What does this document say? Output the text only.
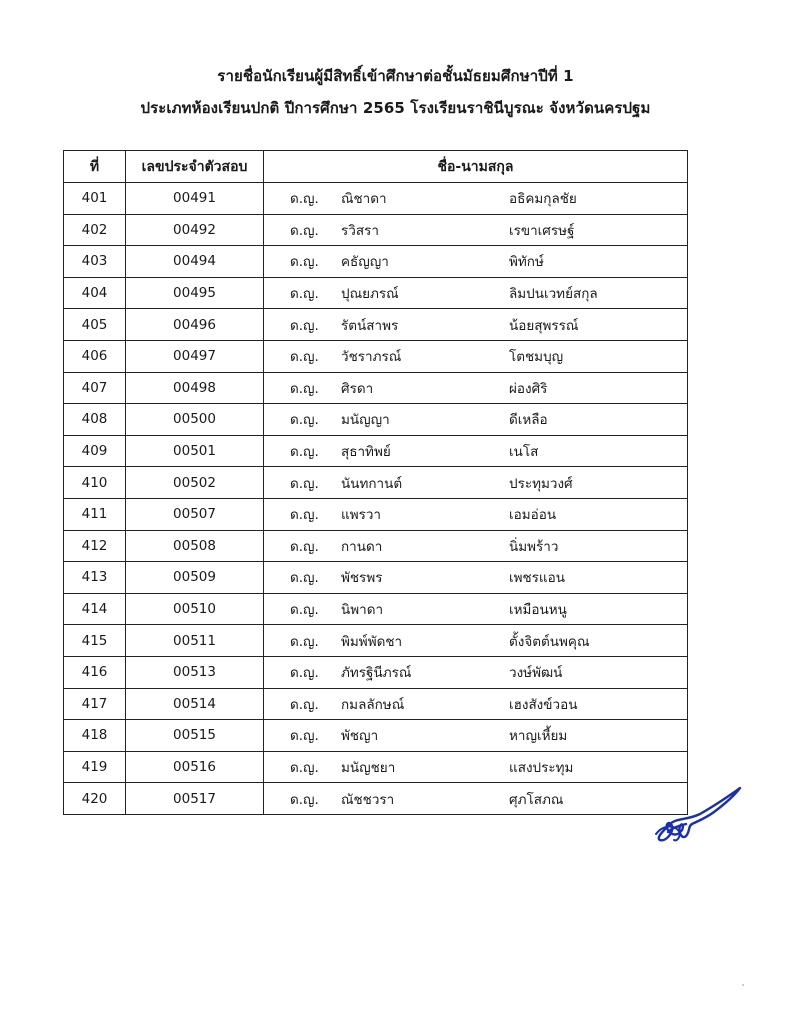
รายชื่อนักเรียนผู้มีสิทธิ์เข้าศึกษาต่อชั้นมัธยมศึกษาปีที่ 1
ประเภทห้องเรียนปกติ ปีการศึกษา 2565 โรงเรียนราชินีบูรณะ จังหวัดนครปฐม
ที่	เลขประจำตัวสอบ	ชื่อ-นามสกุล
401	00491	ด.ญ. ณิชาดา อธิคมกุลชัย

402	00492	ด.ญ. รวิสรา เรขาเศรษฐ์

403	00494	ด.ญ. คธัญญา พิทักษ์

404	00495	ด.ญ. ปุณยภรณ์ ลิมปนเวทย์สกุล

405	00496	ด.ญ. รัตน์สาพร น้อยสุพรรณ์

406	00497	ด.ญ. วัชราภรณ์ โตชมบุญ

407	00498	ด.ญ. ศิรดา ผ่องศิริ

408	00500	ด.ญ. มนัญญา ดีเหลือ

409	00501	ด.ญ. สุธาทิพย์ เนโส

410	00502	ด.ญ. นันทกานต์ ประทุมวงศ์

411	00507	ด.ญ. แพรวา เอมอ่อน

412	00508	ด.ญ. กานดา นิ่มพร้าว

413	00509	ด.ญ. พัชรพร เพชรแอน

414	00510	ด.ญ. นิพาดา เหมือนหนู

415	00511	ด.ญ. พิมพ์พัดชา ตั้งจิตต์นพคุณ

416	00513	ด.ญ. ภัทรฐินีภรณ์ วงษ์พัฒน์

417	00514	ด.ญ. กมลลักษณ์ เฮงสังข์วอน

418	00515	ด.ญ. พัชญา หาญเหี้ยม

419	00516	ด.ญ. มนัญชยา แสงประทุม

420	00517	ด.ญ. ณัชชวรา ศุภโสภณ
